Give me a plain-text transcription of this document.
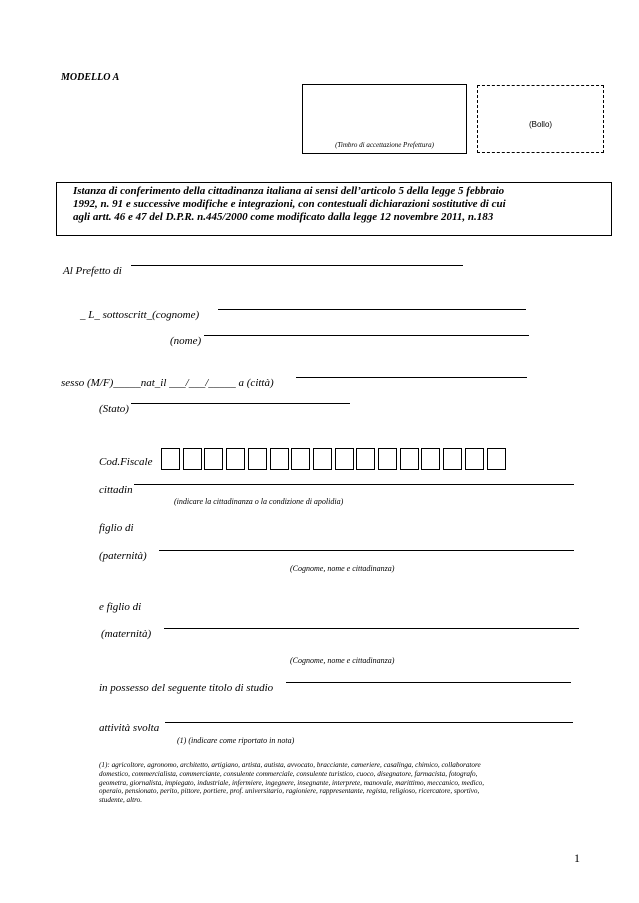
MODELLO A
(Timbro di accettazione Prefettura)
(Bollo)
Istanza di conferimento della cittadinanza italiana ai sensi dell’articolo 5 della legge 5 febbraio
1992, n. 91 e successive modifiche e integrazioni, con contestuali dichiarazioni sostitutive di cui
agli artt. 46 e 47 del D.P.R. n.445/2000 come modificato dalla legge 12 novembre 2011, n.183
Al Prefetto di
_ L_ sottoscritt_(cognome)
(nome)
sesso (M/F)_____nat_il ___/___/_____ a (città)
(Stato)
Cod.Fiscale
cittadin
(indicare la cittadinanza o la condizione di apolidia)
figlio di
(paternità)
(Cognome, nome e cittadinanza)
e figlio di
(maternità)
(Cognome, nome e cittadinanza)
in possesso del seguente titolo di studio
attività svolta
(1) (indicare come riportato in nota)
(1): agricoltore, agronomo, architetto, artigiano, artista, autista, avvocato, bracciante, cameriere, casalinga, chimico, collaboratore
domestico, commercialista, commerciante, consulente commerciale, consulente turistico, cuoco, disegnatore, farmacista, fotografo,
geometra, giornalista, impiegato, industriale, infermiere, ingegnere, insegnante, interprete, manovale, marittimo, meccanico, medico,
operaio, pensionato, perito, pittore, portiere, prof. universitario, ragioniere, rappresentante, regista, religioso, ricercatore, sportivo,
studente, altro.
1
